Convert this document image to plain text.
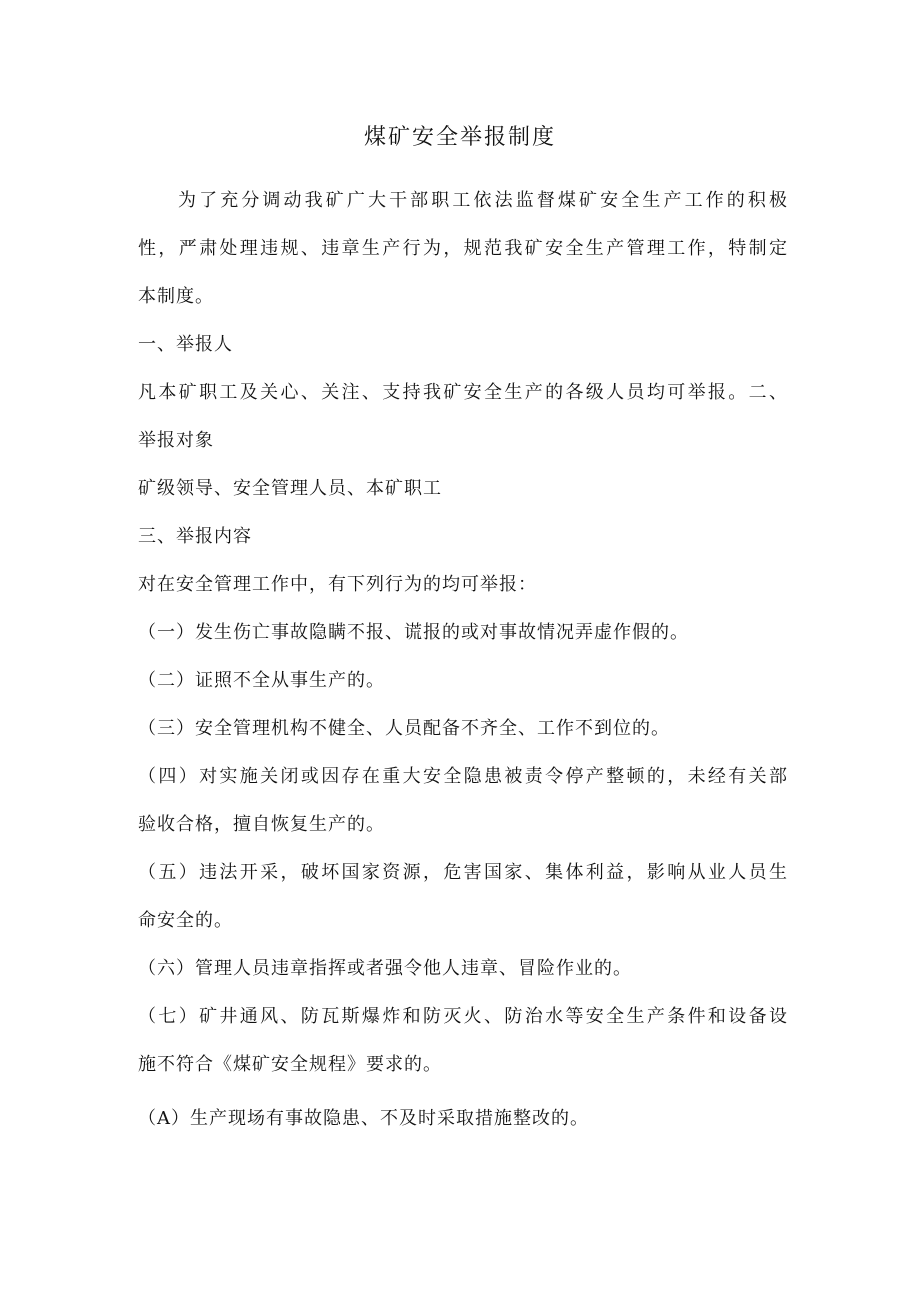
煤矿安全举报制度
为了充分调动我矿广大干部职工依法监督煤矿安全生产工作的积极
性，严肃处理违规、违章生产行为，规范我矿安全生产管理工作，特制定
本制度。
一、举报人
凡本矿职工及关心、关注、支持我矿安全生产的各级人员均可举报。二、
举报对象
矿级领导、安全管理人员、本矿职工
三、举报内容
对在安全管理工作中，有下列行为的均可举报：
（一）发生伤亡事故隐瞒不报、谎报的或对事故情况弄虚作假的。
（二）证照不全从事生产的。
（三）安全管理机构不健全、人员配备不齐全、工作不到位的。
（四）对实施关闭或因存在重大安全隐患被责令停产整顿的，未经有关部
验收合格，擅自恢复生产的。
（五）违法开采，破坏国家资源，危害国家、集体利益，影响从业人员生
命安全的。
（六）管理人员违章指挥或者强令他人违章、冒险作业的。
（七）矿井通风、防瓦斯爆炸和防灭火、防治水等安全生产条件和设备设
施不符合《煤矿安全规程》要求的。
（A）生产现场有事故隐患、不及时采取措施整改的。
